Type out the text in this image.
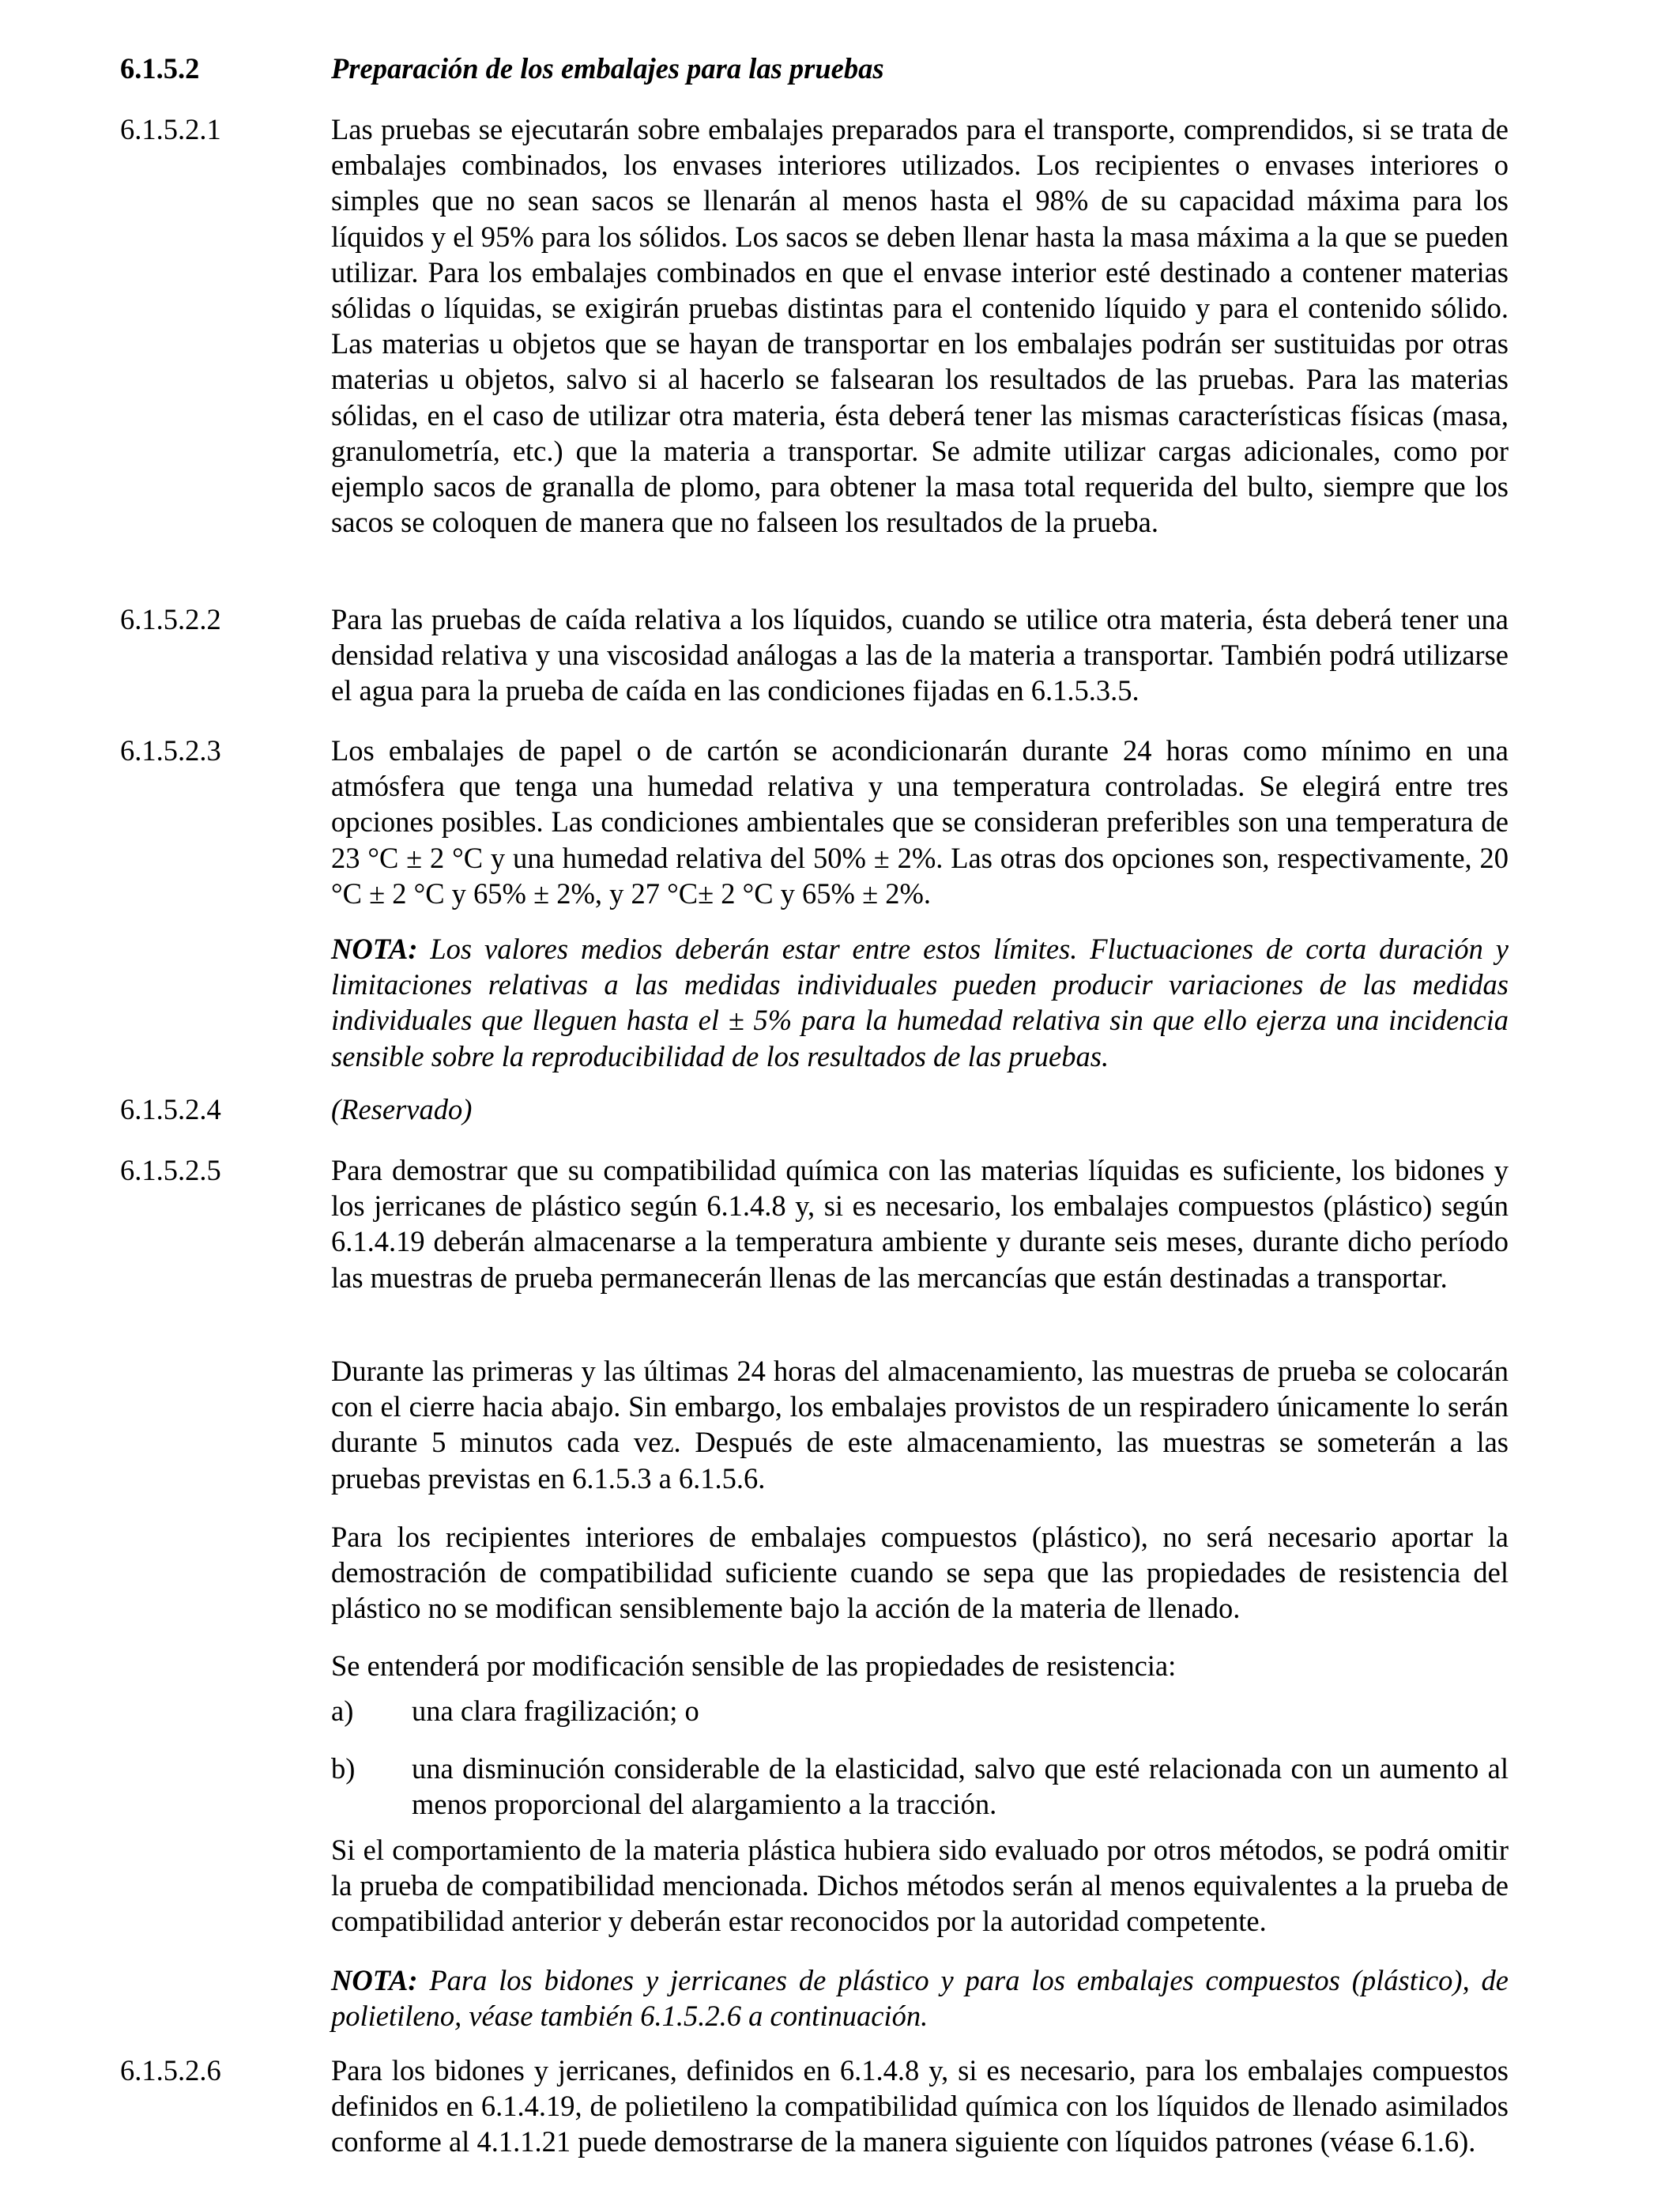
6.1.5.2	Preparación de los embalajes para las pruebas
6.1.5.2.1	Las pruebas se ejecutarán sobre embalajes preparados para el transporte, comprendidos, si se trata de embalajes combinados, los envases interiores utilizados. Los recipientes o envases interiores o simples que no sean sacos se llenarán al menos hasta el 98% de su capacidad máxima para los líquidos y el 95% para los sólidos. Los sacos se deben llenar hasta la masa máxima a la que se pueden utilizar. Para los embalajes combinados en que el envase interior esté destinado a contener materias sólidas o líquidas, se exigirán pruebas distintas para el contenido líquido y para el contenido sólido. Las materias u objetos que se hayan de transportar en los embalajes podrán ser sustituidas por otras materias u objetos, salvo si al hacerlo se falsearan los resultados de las pruebas. Para las materias sólidas, en el caso de utilizar otra materia, ésta deberá tener las mismas características físicas (masa, granulometría, etc.) que la materia a transportar. Se admite utilizar cargas adicionales, como por ejemplo sacos de granalla de plomo, para obtener la masa total requerida del bulto, siempre que los sacos se coloquen de manera que no falseen los resultados de la prueba.
6.1.5.2.2	Para las pruebas de caída relativa a los líquidos, cuando se utilice otra materia, ésta deberá tener una densidad relativa y una viscosidad análogas a las de la materia a transportar. También podrá utilizarse el agua para la prueba de caída en las condiciones fijadas en 6.1.5.3.5.
6.1.5.2.3	Los embalajes de papel o de cartón se acondicionarán durante 24 horas como mínimo en una atmósfera que tenga una humedad relativa y una temperatura controladas. Se elegirá entre tres opciones posibles. Las condiciones ambientales que se consideran preferibles son una temperatura de 23 °C ± 2 °C y una humedad relativa del 50% ± 2%. Las otras dos opciones son, respectivamente, 20 °C ± 2 °C y 65% ± 2%, y 27 °C± 2 °C y 65% ± 2%.
NOTA: Los valores medios deberán estar entre estos límites. Fluctuaciones de corta duración y limitaciones relativas a las medidas individuales pueden producir variaciones de las medidas individuales que lleguen hasta el ± 5% para la humedad relativa sin que ello ejerza una incidencia sensible sobre la reproducibilidad de los resultados de las pruebas.
6.1.5.2.4	(Reservado)
6.1.5.2.5	Para demostrar que su compatibilidad química con las materias líquidas es suficiente, los bidones y los jerricanes de plástico según 6.1.4.8 y, si es necesario, los embalajes compuestos (plástico) según 6.1.4.19 deberán almacenarse a la temperatura ambiente y durante seis meses, durante dicho período las muestras de prueba permanecerán llenas de las mercancías que están destinadas a transportar.
Durante las primeras y las últimas 24 horas del almacenamiento, las muestras de prueba se colocarán con el cierre hacia abajo. Sin embargo, los embalajes provistos de un respiradero únicamente lo serán durante 5 minutos cada vez. Después de este almacenamiento, las muestras se someterán a las pruebas previstas en 6.1.5.3 a 6.1.5.6.
Para los recipientes interiores de embalajes compuestos (plástico), no será necesario aportar la demostración de compatibilidad suficiente cuando se sepa que las propiedades de resistencia del plástico no se modifican sensiblemente bajo la acción de la materia de llenado.
Se entenderá por modificación sensible de las propiedades de resistencia:
a) una clara fragilización; o
b) una disminución considerable de la elasticidad, salvo que esté relacionada con un aumento al menos proporcional del alargamiento a la tracción.
Si el comportamiento de la materia plástica hubiera sido evaluado por otros métodos, se podrá omitir la prueba de compatibilidad mencionada. Dichos métodos serán al menos equivalentes a la prueba de compatibilidad anterior y deberán estar reconocidos por la autoridad competente.
NOTA: Para los bidones y jerricanes de plástico y para los embalajes compuestos (plástico), de polietileno, véase también 6.1.5.2.6 a continuación.
6.1.5.2.6	Para los bidones y jerricanes, definidos en 6.1.4.8 y, si es necesario, para los embalajes compuestos definidos en 6.1.4.19, de polietileno la compatibilidad química con los líquidos de llenado asimilados conforme al 4.1.1.21 puede demostrarse de la manera siguiente con líquidos patrones (véase 6.1.6).
